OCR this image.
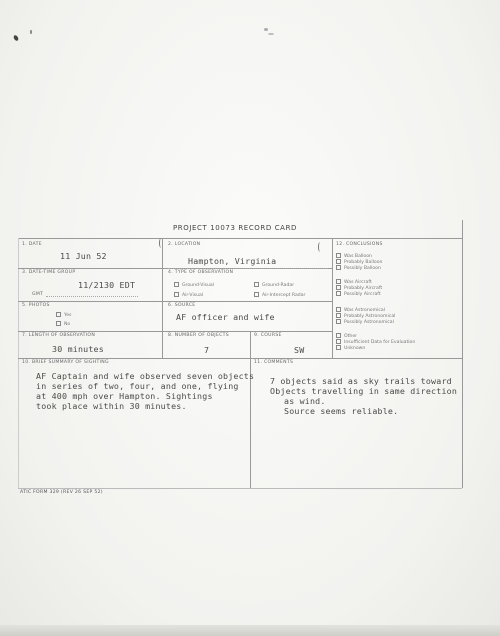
PROJECT 10073 RECORD CARD
1. DATE
11 Jun 52
2. LOCATION
Hampton, Virginia
3. DATE-TIME GROUP
11/2130 EDT
GMT
4. TYPE OF OBSERVATION
Ground-Visual	Ground-Radar
Air-Visual	Air-Intercept Radar
5. PHOTOS
Yes
No
6. SOURCE
AF officer and wife
7. LENGTH OF OBSERVATION
30 minutes
8. NUMBER OF OBJECTS
7
9. COURSE
SW
10. BRIEF SUMMARY OF SIGHTING
AF Captain and wife observed seven objects
in series of two, four, and one, flying
at 400 mph over Hampton. Sightings
took place within 30 minutes.
11. COMMENTS
7 objects said as sky trails toward
Objects travelling in same direction
as wind.
Source seems reliable.
12. CONCLUSIONS
Was Balloon
Probably Balloon
Possibly Balloon
Was Aircraft
Probably Aircraft
Possibly Aircraft
Was Astronomical
Probably Astronomical
Possibly Astronomical
Other
Insufficient Data for Evaluation
Unknown
ATIC FORM 329 (REV 26 SEP 52)
